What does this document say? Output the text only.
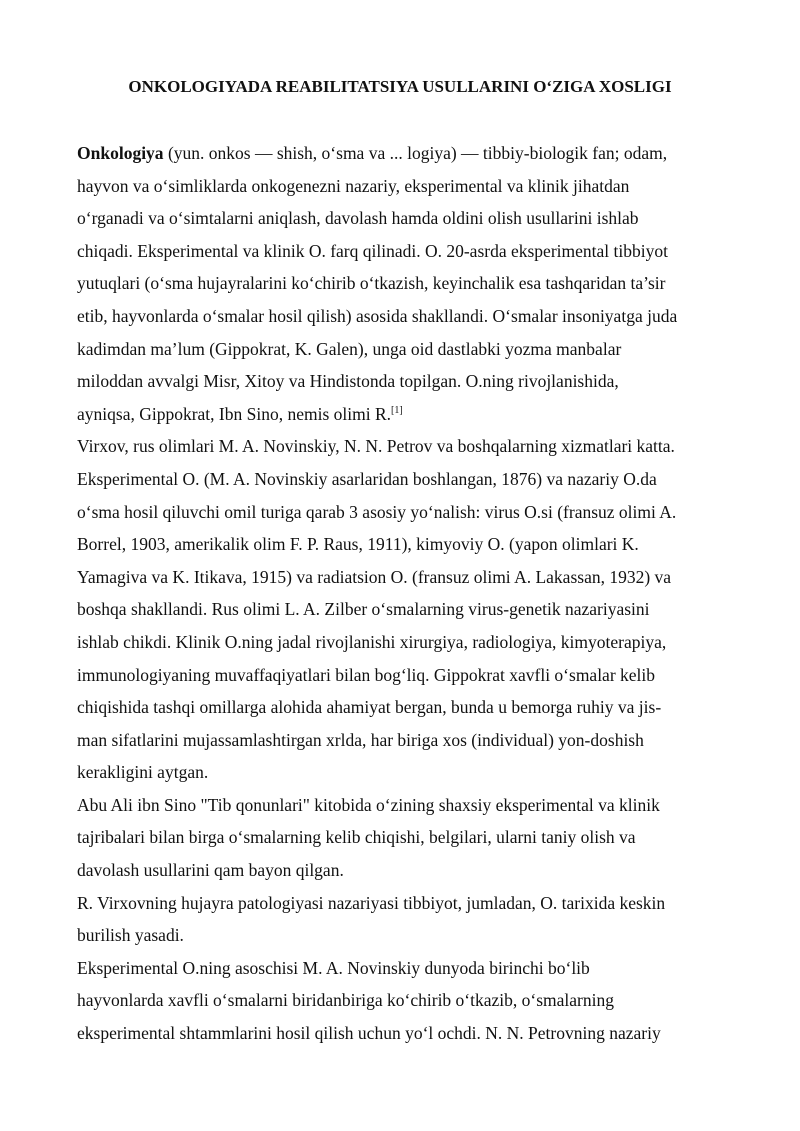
ONKOLOGIYADA REABILITATSIYA USULLARINI O‘ZIGA XOSLIGI
Onkologiya (yun. onkos — shish, o‘sma va ... logiya) — tibbiy-biologik fan; odam,
hayvon va o‘simliklarda onkogenezni nazariy, eksperimental va klinik jihatdan
o‘rganadi va o‘simtalarni aniqlash, davolash hamda oldini olish usullarini ishlab
chiqadi. Eksperimental va klinik O. farq qilinadi. O. 20-asrda eksperimental tibbiyot
yutuqlari (o‘sma hujayralarini ko‘chirib o‘tkazish, keyinchalik esa tashqaridan ta’sir
etib, hayvonlarda o‘smalar hosil qilish) asosida shakllandi. O‘smalar insoniyatga juda
kadimdan ma’lum (Gippokrat, K. Galen), unga oid dastlabki yozma manbalar
miloddan avvalgi Misr, Xitoy va Hindistonda topilgan. O.ning rivojlanishida,
ayniqsa, Gippokrat, Ibn Sino, nemis olimi R.[1]
Virxov, rus olimlari M. A. Novinskiy, N. N. Petrov va boshqalarning xizmatlari katta.
Eksperimental O. (M. A. Novinskiy asarlaridan boshlangan, 1876) va nazariy O.da
o‘sma hosil qiluvchi omil turiga qarab 3 asosiy yo‘nalish: virus O.si (fransuz olimi A.
Borrel, 1903, amerikalik olim F. P. Raus, 1911), kimyoviy O. (yapon olimlari K.
Yamagiva va K. Itikava, 1915) va radiatsion O. (fransuz olimi A. Lakassan, 1932) va
boshqa shakllandi. Rus olimi L. A. Zilber o‘smalarning virus-genetik nazariyasini
ishlab chikdi. Klinik O.ning jadal rivojlanishi xirurgiya, radiologiya, kimyoterapiya,
immunologiyaning muvaffaqiyatlari bilan bog‘liq. Gippokrat xavfli o‘smalar kelib
chiqishida tashqi omillarga alohida ahamiyat bergan, bunda u bemorga ruhiy va jis-
man sifatlarini mujassamlashtirgan xrlda, har biriga xos (individual) yon-doshish
kerakligini aytgan.
Abu Ali ibn Sino "Tib qonunlari" kitobida o‘zining shaxsiy eksperimental va klinik
tajribalari bilan birga o‘smalarning kelib chiqishi, belgilari, ularni taniy olish va
davolash usullarini qam bayon qilgan.
R. Virxovning hujayra patologiyasi nazariyasi tibbiyot, jumladan, O. tarixida keskin
burilish yasadi.
Eksperimental O.ning asoschisi M. A. Novinskiy dunyoda birinchi bo‘lib
hayvonlarda xavfli o‘smalarni biridanbiriga ko‘chirib o‘tkazib, o‘smalarning
eksperimental shtammlarini hosil qilish uchun yo‘l ochdi. N. N. Petrovning nazariy
